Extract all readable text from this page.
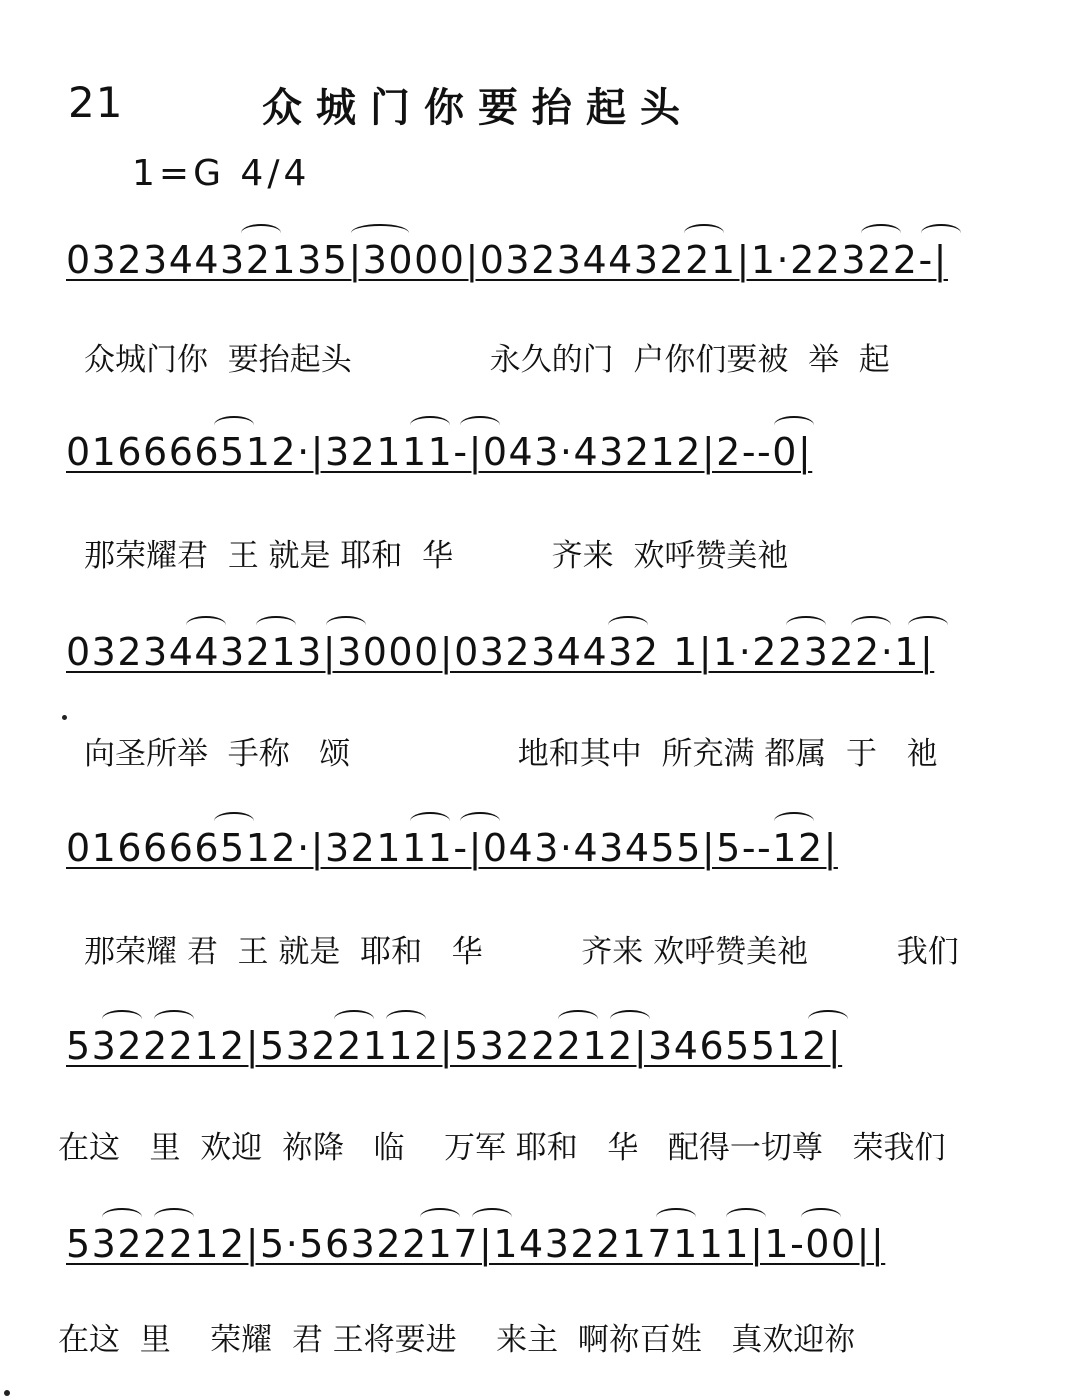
21	众城门你要抬起头
1=G 4/4
03234432135|3000|0323443221|1·22322-|
众城门你  要抬起头              永久的门  户你们要被  举  起
016666512·|32111-|043·43212|2--0|
那荣耀君  王 就是 耶和  华          齐来  欢呼赞美祂
0323443213|3000|03234432 1|1·22322·1|
向圣所举  手称   颂                 地和其中  所充满 都属  于   祂
016666512·|32111-|043·43455|5--12|
那荣耀 君  王 就是  耶和   华          齐来 欢呼赞美祂         我们
5322212|5322112|5322212|3465512|
在这   里  欢迎  祢降   临    万军 耶和   华   配得一切尊   荣我们
5322212|5·5632217|1432217111|1-00||
在这  里    荣耀  君 王将要进    来主  啊祢百姓   真欢迎祢
